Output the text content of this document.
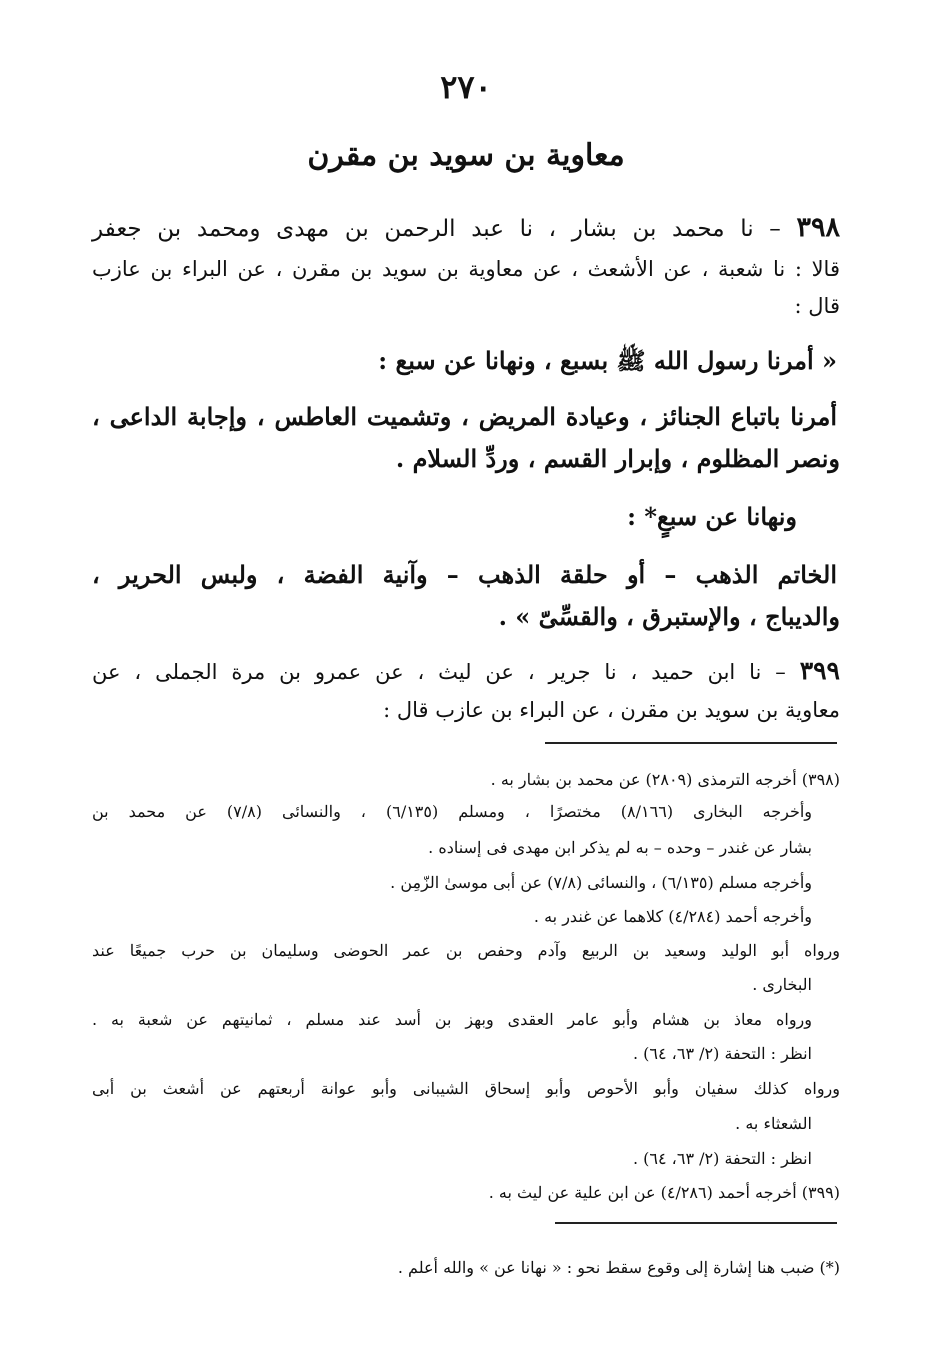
٢٧٠
معاوية بن سويد بن مقرن
٣٩٨ – نا محمد بن بشار ، نا عبد الرحمن بن مهدى ومحمد بن جعفر
قالا : نا شعبة ، عن الأشعث ، عن معاوية بن سويد بن مقرن ، عن البراء بن عازب
قال :
« أمرنا رسول الله ﷺ بسبع ، ونهانا عن سبع :
أمرنا باتباع الجنائز ، وعيادة المريض ، وتشميت العاطس ، وإجابة الداعى ،
ونصر المظلوم ، وإبرار القسم ، وردِّ السلام .
ونهانا عن سبعٍ* :
الخاتم الذهب – أو حلقة الذهب – وآنية الفضة ، ولبس الحرير ،
والديباج ، والإستبرق ، والقسِّىّ » .
٣٩٩ – نا ابن حميد ، نا جرير ، عن ليث ، عن عمرو بن مرة الجملى ، عن
معاوية بن سويد بن مقرن ، عن البراء بن عازب قال :
(٣٩٨) أخرجه الترمذى (٢٨٠٩) عن محمد بن بشار به .
وأخرجه البخارى (٨/١٦٦) مختصرًا ، ومسلم (٦/١٣٥) ، والنسائى (٧/٨) عن محمد بن
بشار عن غندر – وحده – به لم يذكر ابن مهدى فى إسناده .
وأخرجه مسلم (٦/١٣٥) ، والنسائى (٧/٨) عن أبى موسىٰ الزّمِن .
وأخرجه أحمد (٤/٢٨٤) كلاهما عن غندر به .
ورواه أبو الوليد وسعيد بن الربيع وآدم وحفص بن عمر الحوضى وسليمان بن حرب جميعًا عند
البخارى .
ورواه معاذ بن هشام وأبو عامر العقدى وبهز بن أسد عند مسلم ، ثمانيتهم عن شعبة به .
انظر : التحفة (٢/ ٦٣، ٦٤) .
ورواه كذلك سفيان وأبو الأحوص وأبو إسحاق الشيبانى وأبو عوانة أربعتهم عن أشعث بن أبى
الشعثاء به .
انظر : التحفة (٢/ ٦٣، ٦٤) .
(٣٩٩) أخرجه أحمد (٤/٢٨٦) عن ابن علية عن ليث به .
(*) ضبب هنا إشارة إلى وقوع سقط نحو : « نهانا عن » والله أعلم .
